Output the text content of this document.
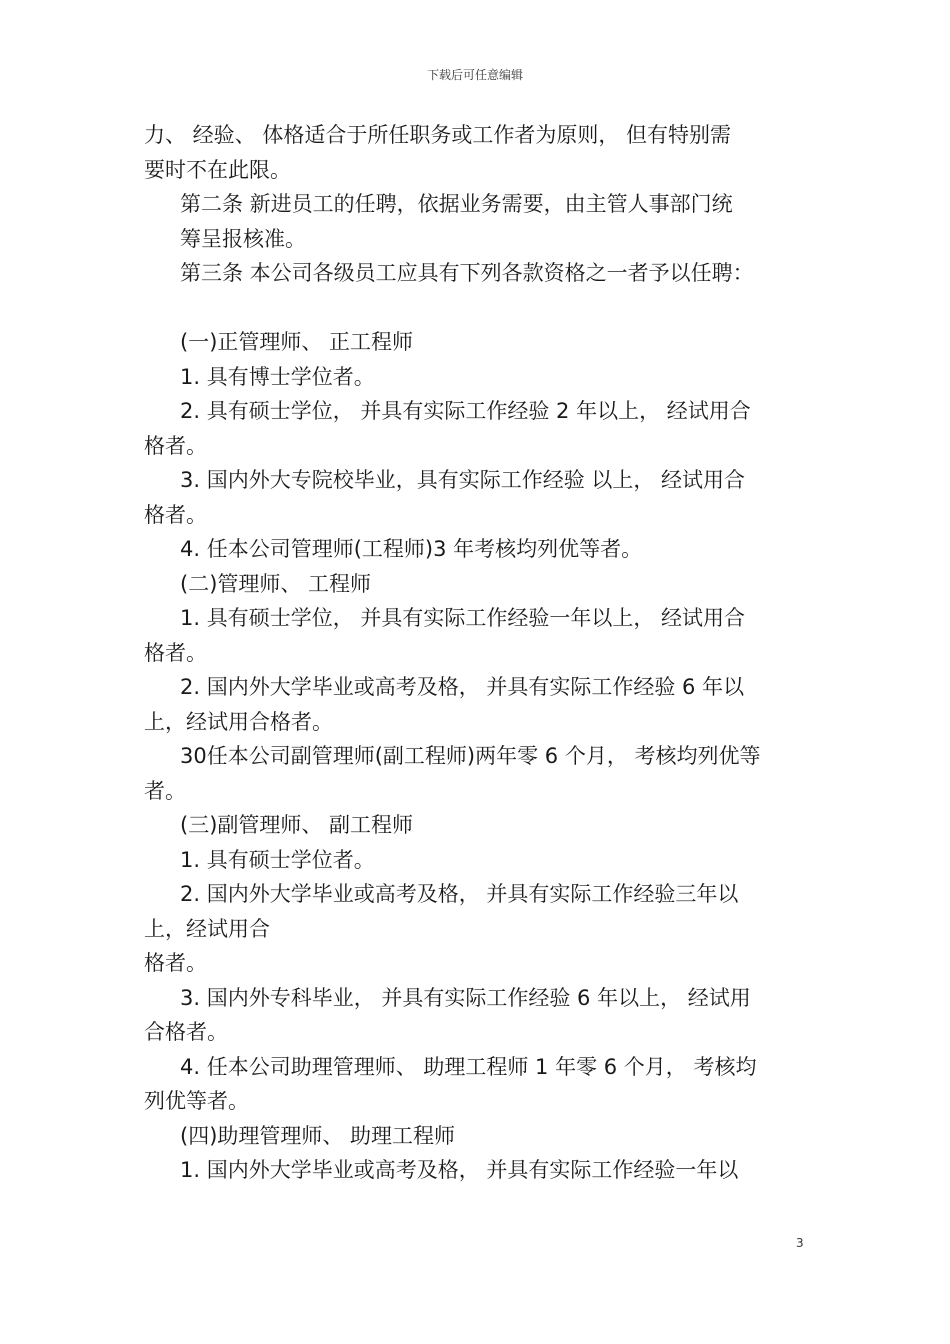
下载后可任意编辑
力、 经验、 体格适合于所任职务或工作者为原则， 但有特别需
要时不在此限。
第二条 新进员工的任聘，依据业务需要，由主管人事部门统
筹呈报核准。
第三条 本公司各级员工应具有下列各款资格之一者予以任聘：
(一)正管理师、 正工程师
1. 具有博士学位者。
2. 具有硕士学位， 并具有实际工作经验 2 年以上， 经试用合
格者。
3. 国内外大专院校毕业，具有实际工作经验 以上， 经试用合
格者。
4. 任本公司管理师(工程师)3 年考核均列优等者。
(二)管理师、 工程师
1. 具有硕士学位， 并具有实际工作经验一年以上， 经试用合
格者。
2. 国内外大学毕业或高考及格， 并具有实际工作经验 6 年以
上，经试用合格者。
30任本公司副管理师(副工程师)两年零 6 个月， 考核均列优等
者。
(三)副管理师、 副工程师
1. 具有硕士学位者。
2. 国内外大学毕业或高考及格， 并具有实际工作经验三年以
上，经试用合
格者。
3. 国内外专科毕业， 并具有实际工作经验 6 年以上， 经试用
合格者。
4. 任本公司助理管理师、 助理工程师 1 年零 6 个月， 考核均
列优等者。
(四)助理管理师、 助理工程师
1. 国内外大学毕业或高考及格， 并具有实际工作经验一年以
3
